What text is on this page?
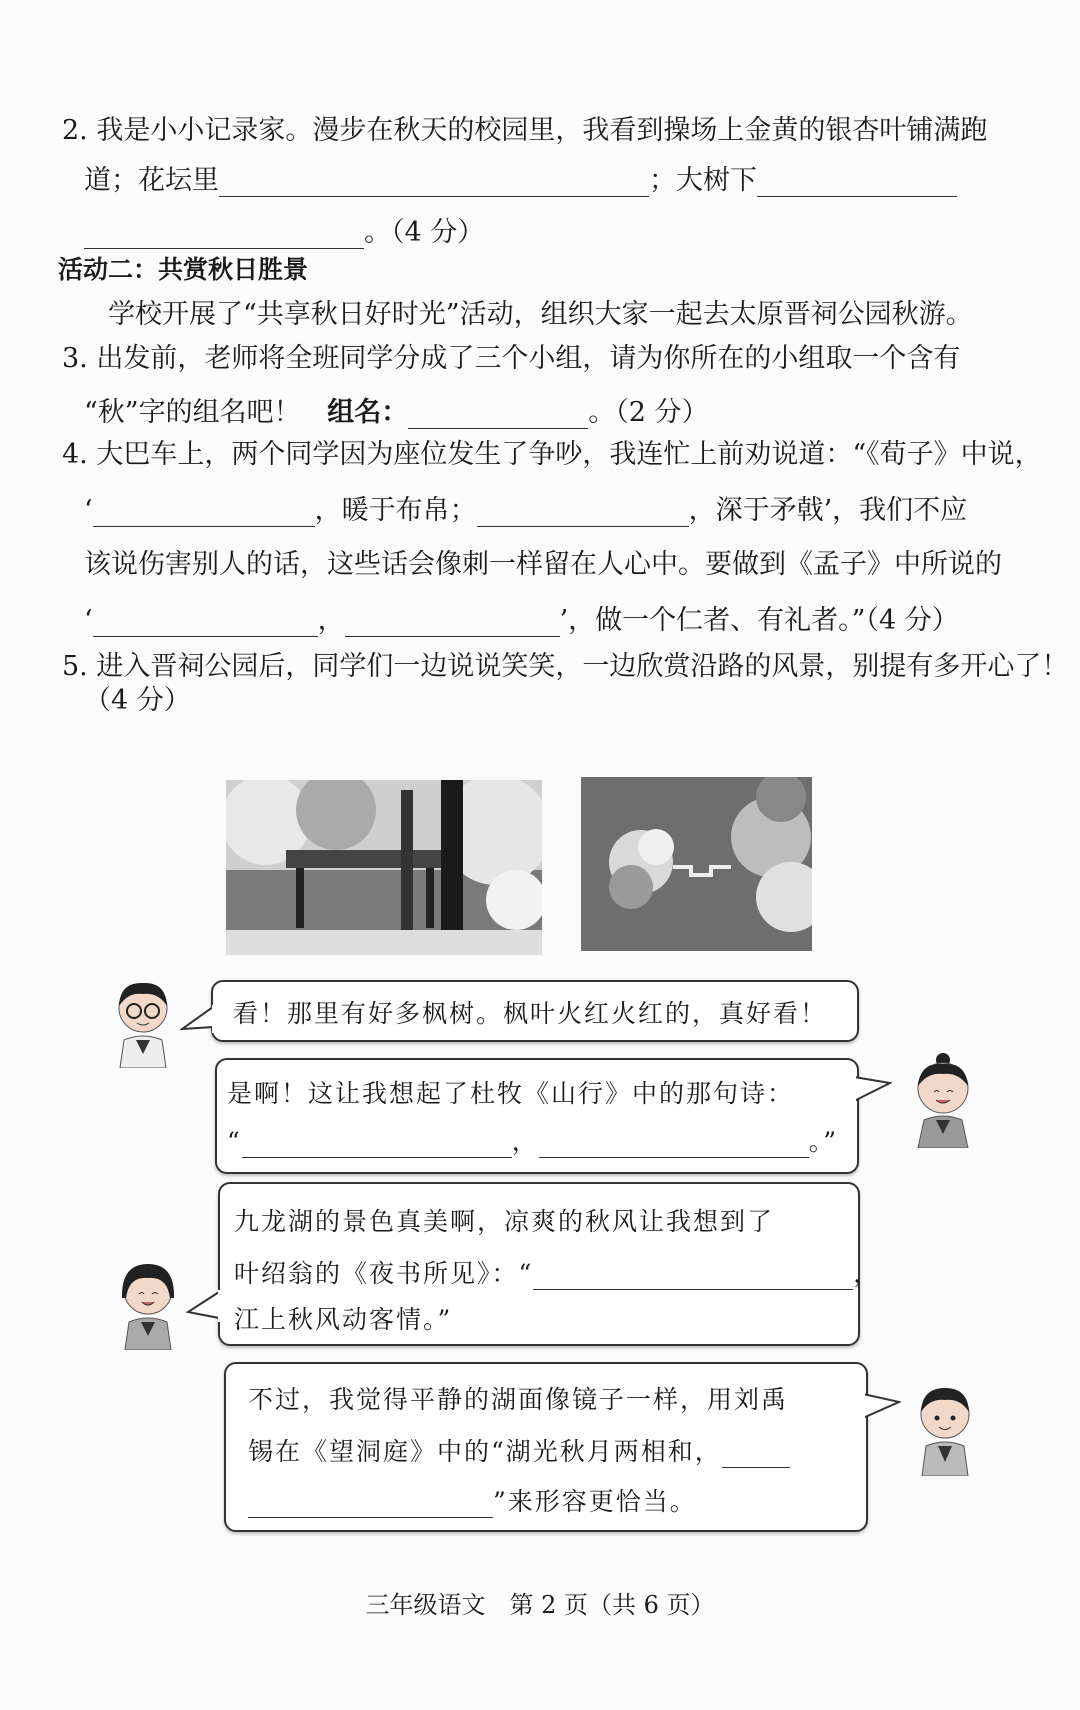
2. 我是小小记录家。漫步在秋天的校园里，我看到操场上金黄的银杏叶铺满跑
道；花坛里	；大树下
。（4 分）
活动二：共赏秋日胜景
学校开展了“共享秋日好时光”活动，组织大家一起去太原晋祠公园秋游。
3. 出发前，老师将全班同学分成了三个小组，请为你所在的小组取一个含有
“秋”字的组名吧！ 组名：	。（2 分）
4. 大巴车上，两个同学因为座位发生了争吵，我连忙上前劝说道：“《荀子》中说，
‘	，暖于布帛；	，深于矛戟’，我们不应
该说伤害别人的话，这些话会像刺一样留在人心中。要做到《孟子》中所说的
‘	，	’，做一个仁者、有礼者。”（4 分）
5. 进入晋祠公园后，同学们一边说说笑笑，一边欣赏沿路的风景，别提有多开心了！
（4 分）
看！那里有好多枫树。枫叶火红火红的，真好看！
是啊！这让我想起了杜牧《山行》中的那句诗：
“	，	。”
九龙湖的景色真美啊，凉爽的秋风让我想到了
叶绍翁的《夜书所见》：“	，
江上秋风动客情。”
不过，我觉得平静的湖面像镜子一样，用刘禹
锡在《望洞庭》中的“湖光秋月两相和，
”来形容更恰当。
三年级语文　第 2 页（共 6 页）
